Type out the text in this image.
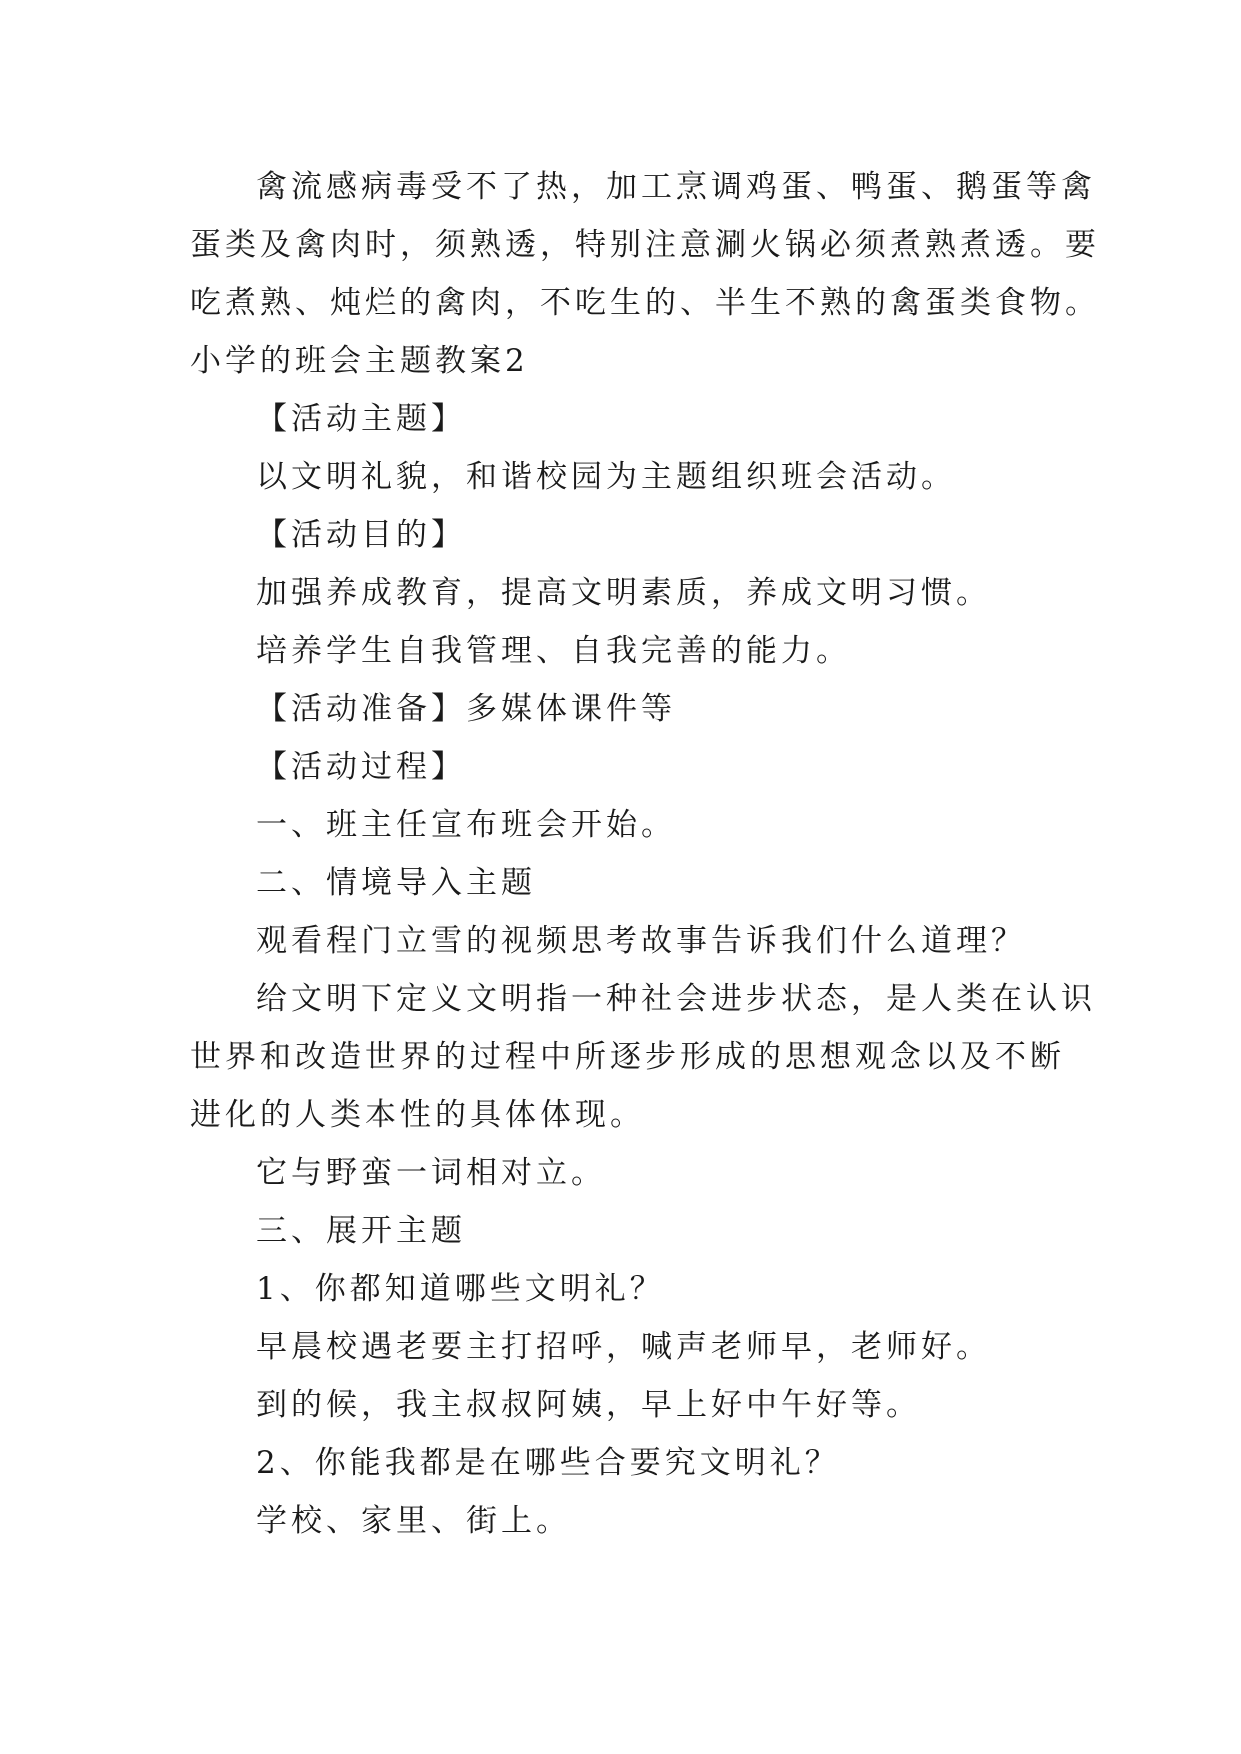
禽流感病毒受不了热，加工烹调鸡蛋、鸭蛋、鹅蛋等禽
蛋类及禽肉时，须熟透，特别注意涮火锅必须煮熟煮透。要
吃煮熟、炖烂的禽肉，不吃生的、半生不熟的禽蛋类食物。
小学的班会主题教案2
【活动主题】
以文明礼貌，和谐校园为主题组织班会活动。
【活动目的】
加强养成教育，提高文明素质，养成文明习惯。
培养学生自我管理、自我完善的能力。
【活动准备】多媒体课件等
【活动过程】
一、班主任宣布班会开始。
二、情境导入主题
观看程门立雪的视频思考故事告诉我们什么道理？
给文明下定义文明指一种社会进步状态，是人类在认识
世界和改造世界的过程中所逐步形成的思想观念以及不断
进化的人类本性的具体体现。
它与野蛮一词相对立。
三、展开主题
1、你都知道哪些文明礼？
早晨校遇老要主打招呼，喊声老师早，老师好。
到的候，我主叔叔阿姨，早上好中午好等。
2、你能我都是在哪些合要究文明礼？
学校、家里、街上。
